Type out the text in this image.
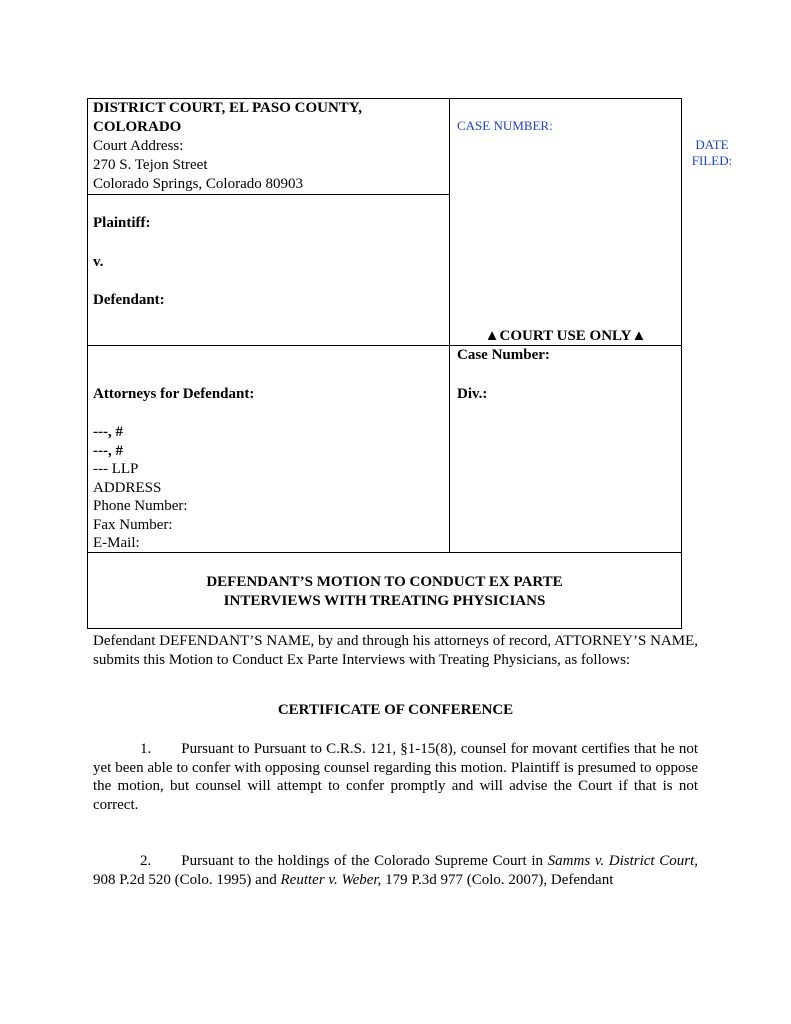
DISTRICT COURT, EL PASO COUNTY, COLORADO
Court Address:
270 S. Tejon Street
Colorado Springs, Colorado 80903
Plaintiff:
v.
Defendant:
CASE NUMBER:
DATE FILED:
▲COURT USE ONLY▲
Attorneys for Defendant:
---, #
---, #
--- LLP
ADDRESS
Phone Number:
Fax Number:
E-Mail:
Case Number:
Div.:
DEFENDANT’S MOTION TO CONDUCT EX PARTE
INTERVIEWS WITH TREATING PHYSICIANS
Defendant DEFENDANT’S NAME, by and through his attorneys of record, ATTORNEY’S NAME, submits this Motion to Conduct Ex Parte Interviews with Treating Physicians, as follows:
CERTIFICATE OF CONFERENCE
1. Pursuant to Pursuant to C.R.S. 121, §1-15(8), counsel for movant certifies that he not yet been able to confer with opposing counsel regarding this motion. Plaintiff is presumed to oppose the motion, but counsel will attempt to confer promptly and will advise the Court if that is not correct.
2. Pursuant to the holdings of the Colorado Supreme Court in Samms v. District Court, 908 P.2d 520 (Colo. 1995) and Reutter v. Weber, 179 P.3d 977 (Colo. 2007), Defendant
